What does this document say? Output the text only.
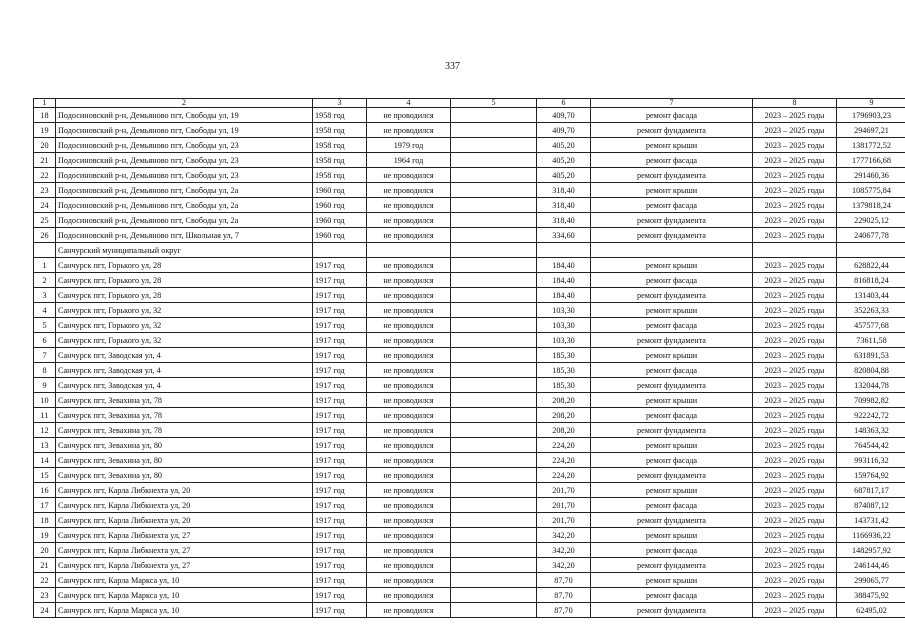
337
1	2	3	4	5	6	7	8	9
18	Подосиновский р-н, Демьяново пгт, Свободы ул, 19	1958 год	не проводился		409,70	ремонт фасада	2023 – 2025 годы	1796903,23
19	Подосиновский р-н, Демьяново пгт, Свободы ул, 19	1958 год	не проводился		409,70	ремонт фундамента	2023 – 2025 годы	294697,21
20	Подосиновский р-н, Демьяново пгт, Свободы ул, 23	1958 год	1979 год		405,20	ремонт крыши	2023 – 2025 годы	1381772,52
21	Подосиновский р-н, Демьяново пгт, Свободы ул, 23	1958 год	1964 год		405,20	ремонт фасада	2023 – 2025 годы	1777166,68
22	Подосиновский р-н, Демьяново пгт, Свободы ул, 23	1958 год	не проводился		405,20	ремонт фундамента	2023 – 2025 годы	291460,36
23	Подосиновский р-н, Демьяново пгт, Свободы ул, 2а	1960 год	не проводился		318,40	ремонт крыши	2023 – 2025 годы	1085775,84
24	Подосиновский р-н, Демьяново пгт, Свободы ул, 2а	1960 год	не проводился		318,40	ремонт фасада	2023 – 2025 годы	1379818,24
25	Подосиновский р-н, Демьяново пгт, Свободы ул, 2а	1960 год	не проводился		318,40	ремонт фундамента	2023 – 2025 годы	229025,12
26	Подосиновский р-н, Демьяново пгт, Школьная ул, 7	1960 год	не проводился		334,60	ремонт фундамента	2023 – 2025 годы	240677,78
	Санчурский муниципальный округ							
1	Санчурск пгт, Горького ул, 28	1917 год	не проводился		184,40	ремонт крыши	2023 – 2025 годы	628822,44
2	Санчурск пгт, Горького ул, 28	1917 год	не проводился		184,40	ремонт фасада	2023 – 2025 годы	816818,24
3	Санчурск пгт, Горького ул, 28	1917 год	не проводился		184,40	ремонт фундамента	2023 – 2025 годы	131403,44
4	Санчурск пгт, Горького ул, 32	1917 год	не проводился		103,30	ремонт крыши	2023 – 2025 годы	352263,33
5	Санчурск пгт, Горького ул, 32	1917 год	не проводился		103,30	ремонт фасада	2023 – 2025 годы	457577,68
6	Санчурск пгт, Горького ул, 32	1917 год	не проводился		103,30	ремонт фундамента	2023 – 2025 годы	73611,58
7	Санчурск пгт, Заводская ул, 4	1917 год	не проводился		185,30	ремонт крыши	2023 – 2025 годы	631891,53
8	Санчурск пгт, Заводская ул, 4	1917 год	не проводился		185,30	ремонт фасада	2023 – 2025 годы	820804,88
9	Санчурск пгт, Заводская ул, 4	1917 год	не проводился		185,30	ремонт фундамента	2023 – 2025 годы	132044,78
10	Санчурск пгт, Зевахина ул, 78	1917 год	не проводился		208,20	ремонт крыши	2023 – 2025 годы	709982,82
11	Санчурск пгт, Зевахина ул, 78	1917 год	не проводился		208,20	ремонт фасада	2023 – 2025 годы	922242,72
12	Санчурск пгт, Зевахина ул, 78	1917 год	не проводился		208,20	ремонт фундамента	2023 – 2025 годы	148363,32
13	Санчурск пгт, Зевахина ул, 80	1917 год	не проводился		224,20	ремонт крыши	2023 – 2025 годы	764544,42
14	Санчурск пгт, Зевахина ул, 80	1917 год	не проводился		224,20	ремонт фасада	2023 – 2025 годы	993116,32
15	Санчурск пгт, Зевахина ул, 80	1917 год	не проводился		224,20	ремонт фундамента	2023 – 2025 годы	159764,92
16	Санчурск пгт, Карла Либкнехта ул, 20	1917 год	не проводился		201,70	ремонт крыши	2023 – 2025 годы	687817,17
17	Санчурск пгт, Карла Либкнехта ул, 20	1917 год	не проводился		201,70	ремонт фасада	2023 – 2025 годы	874087,12
18	Санчурск пгт, Карла Либкнехта ул, 20	1917 год	не проводился		201,70	ремонт фундамента	2023 – 2025 годы	143731,42
19	Санчурск пгт, Карла Либкнехта ул, 27	1917 год	не проводился		342,20	ремонт крыши	2023 – 2025 годы	1166936,22
20	Санчурск пгт, Карла Либкнехта ул, 27	1917 год	не проводился		342,20	ремонт фасада	2023 – 2025 годы	1482957,92
21	Санчурск пгт, Карла Либкнехта ул, 27	1917 год	не проводился		342,20	ремонт фундамента	2023 – 2025 годы	246144,46
22	Санчурск пгт, Карла Маркса ул, 10	1917 год	не проводился		87,70	ремонт крыши	2023 – 2025 годы	299065,77
23	Санчурск пгт, Карла Маркса ул, 10	1917 год	не проводился		87,70	ремонт фасада	2023 – 2025 годы	388475,92
24	Санчурск пгт, Карла Маркса ул, 10	1917 год	не проводился		87,70	ремонт фундамента	2023 – 2025 годы	62495,02
